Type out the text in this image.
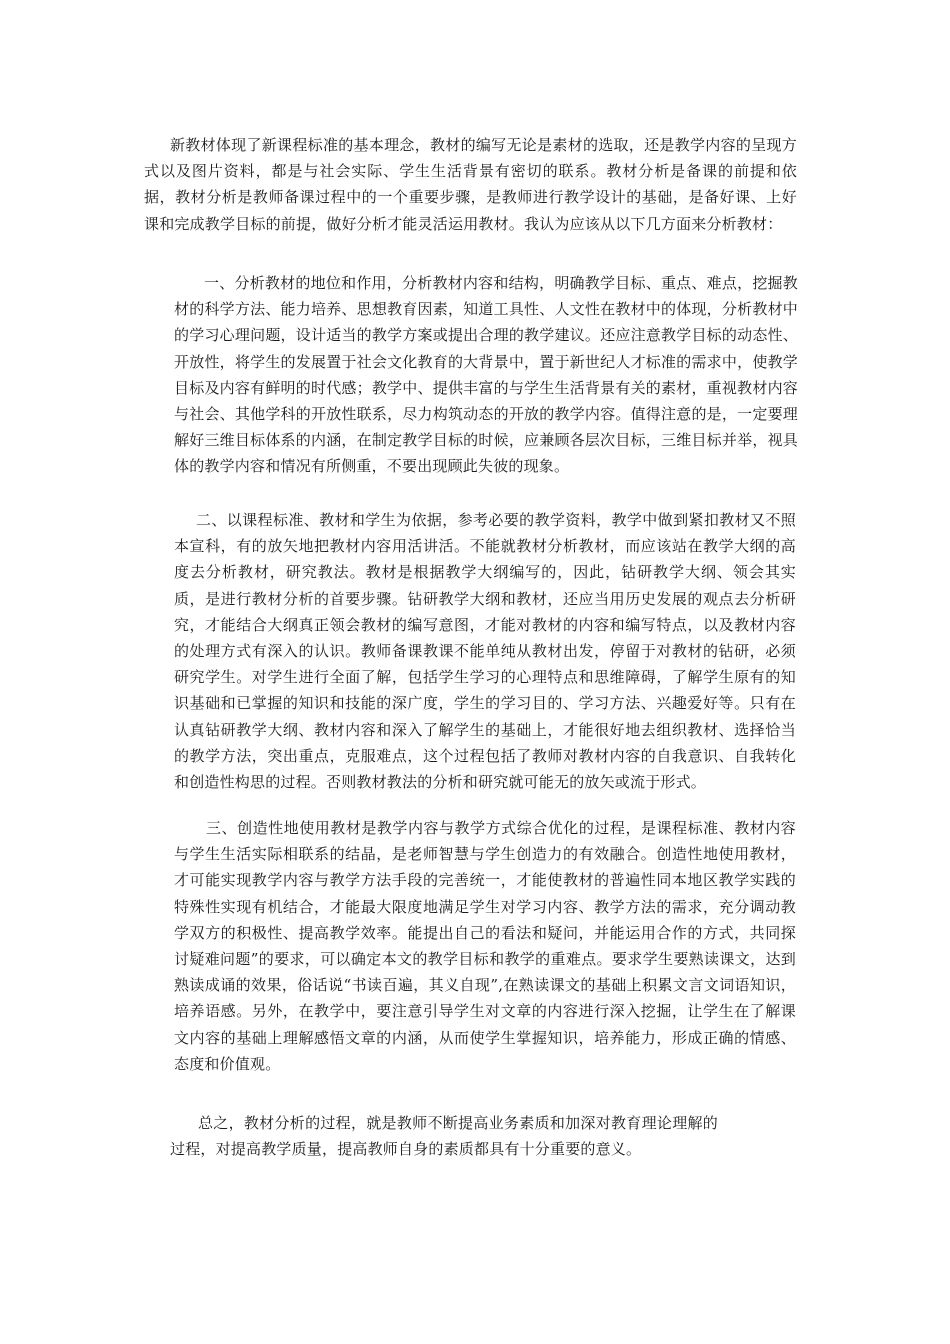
新教材体现了新课程标准的基本理念，教材的编写无论是素材的选取，还是教学内容的呈现方式以及图片资料，都是与社会实际、学生生活背景有密切的联系。教材分析是备课的前提和依据，教材分析是教师备课过程中的一个重要步骤，是教师进行教学设计的基础，是备好课、上好课和完成教学目标的前提，做好分析才能灵活运用教材。我认为应该从以下几方面来分析教材：

一、分析教材的地位和作用，分析教材内容和结构，明确教学目标、重点、难点，挖掘教材的科学方法、能力培养、思想教育因素，知道工具性、人文性在教材中的体现，分析教材中的学习心理问题，设计适当的教学方案或提出合理的教学建议。还应注意教学目标的动态性、开放性，将学生的发展置于社会文化教育的大背景中，置于新世纪人才标准的需求中，使教学目标及内容有鲜明的时代感；教学中、提供丰富的与学生生活背景有关的素材，重视教材内容与社会、其他学科的开放性联系，尽力构筑动态的开放的教学内容。值得注意的是，一定要理解好三维目标体系的内涵，在制定教学目标的时候，应兼顾各层次目标，三维目标并举，视具体的教学内容和情况有所侧重，不要出现顾此失彼的现象。

二、以课程标准、教材和学生为依据，参考必要的教学资料，教学中做到紧扣教材又不照本宣科，有的放矢地把教材内容用活讲活。不能就教材分析教材，而应该站在教学大纲的高度去分析教材，研究教法。教材是根据教学大纲编写的，因此，钻研教学大纲、领会其实质，是进行教材分析的首要步骤。钻研教学大纲和教材，还应当用历史发展的观点去分析研究，才能结合大纲真正领会教材的编写意图，才能对教材的内容和编写特点，以及教材内容的处理方式有深入的认识。教师备课教课不能单纯从教材出发，停留于对教材的钻研，必须研究学生。对学生进行全面了解，包括学生学习的心理特点和思维障碍，了解学生原有的知识基础和已掌握的知识和技能的深广度，学生的学习目的、学习方法、兴趣爱好等。只有在认真钻研教学大纲、教材内容和深入了解学生的基础上，才能很好地去组织教材、选择恰当的教学方法，突出重点，克服难点，这个过程包括了教师对教材内容的自我意识、自我转化和创造性构思的过程。否则教材教法的分析和研究就可能无的放矢或流于形式。

三、创造性地使用教材是教学内容与教学方式综合优化的过程，是课程标准、教材内容与学生生活实际相联系的结晶，是老师智慧与学生创造力的有效融合。创造性地使用教材，才可能实现教学内容与教学方法手段的完善统一，才能使教材的普遍性同本地区教学实践的特殊性实现有机结合，才能最大限度地满足学生对学习内容、教学方法的需求，充分调动教学双方的积极性、提高教学效率。能提出自己的看法和疑问，并能运用合作的方式，共同探讨疑难问题”的要求，可以确定本文的教学目标和教学的重难点。要求学生要熟读课文，达到熟读成诵的效果，俗话说“书读百遍，其义自现”,在熟读课文的基础上积累文言文词语知识，培养语感。另外，在教学中，要注意引导学生对文章的内容进行深入挖掘，让学生在了解课文内容的基础上理解感悟文章的内涵，从而使学生掌握知识，培养能力，形成正确的情感、态度和价值观。

总之，教材分析的过程，就是教师不断提高业务素质和加深对教育理论理解的过程，对提高教学质量，提高教师自身的素质都具有十分重要的意义。
